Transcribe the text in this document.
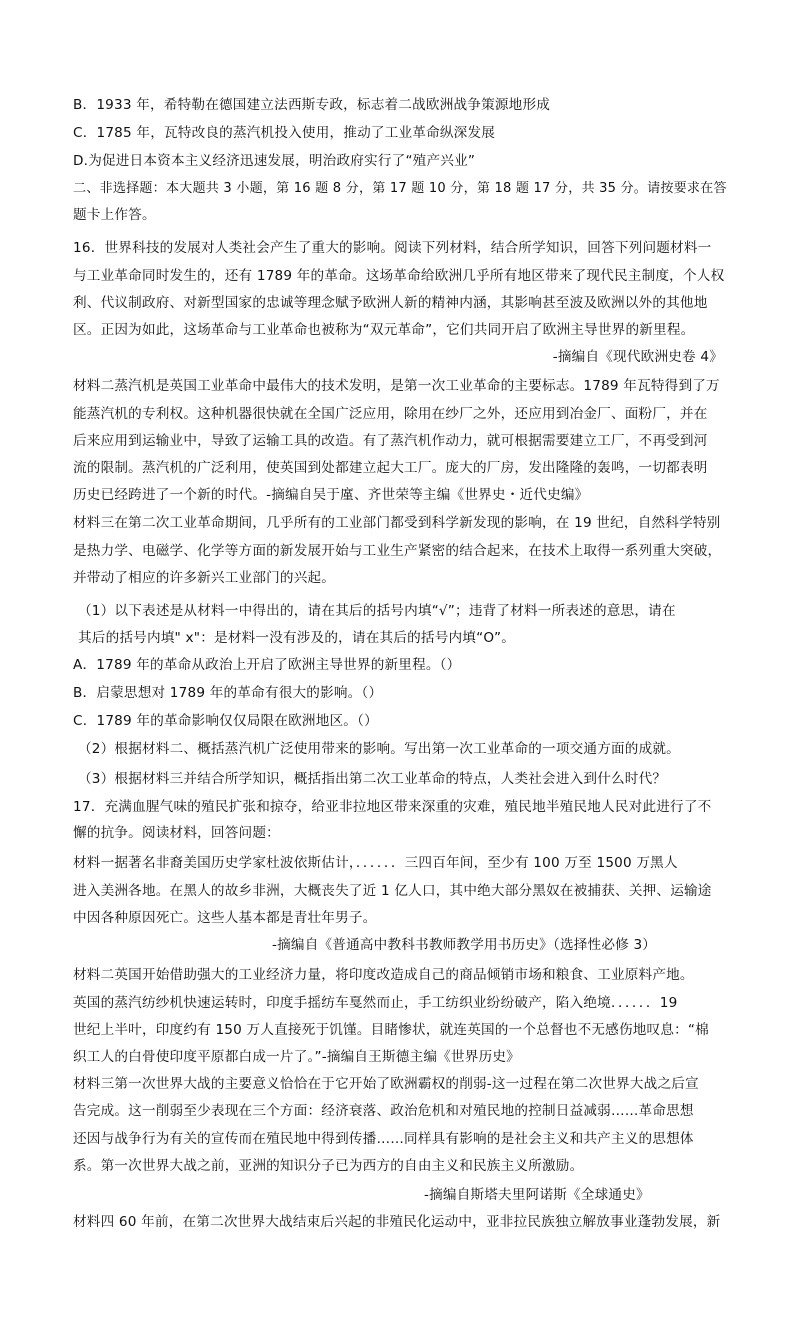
B．1933 年，希特勒在德国建立法西斯专政，标志着二战欧洲战争策源地形成
C．1785 年，瓦特改良的蒸汽机投入使用，推动了工业革命纵深发展
D.为促进日本资本主义经济迅速发展，明治政府实行了“殖产兴业”
二、非选择题：本大题共 3 小题，第 16 题 8 分，第 17 题 10 分，第 18 题 17 分，共 35 分。请按要求在答
题卡上作答。
16．世界科技的发展对人类社会产生了重大的影响。阅读下列材料，结合所学知识，回答下列问题材料一
与工业革命同时发生的，还有 1789 年的革命。这场革命给欧洲几乎所有地区带来了现代民主制度，个人权
利、代议制政府、对新型国家的忠诚等理念赋予欧洲人新的精神内涵，其影响甚至波及欧洲以外的其他地
区。正因为如此，这场革命与工业革命也被称为“双元革命”，它们共同开启了欧洲主导世界的新里程。
-摘编自《现代欧洲史卷 4》
材料二蒸汽机是英国工业革命中最伟大的技术发明，是第一次工业革命的主要标志。1789 年瓦特得到了万
能蒸汽机的专利权。这种机器很快就在全国广泛应用，除用在纱厂之外，还应用到冶金厂、面粉厂，并在
后来应用到运输业中，导致了运输工具的改造。有了蒸汽机作动力，就可根据需要建立工厂，不再受到河
流的限制。蒸汽机的广泛利用，使英国到处都建立起大工厂。庞大的厂房，发出隆隆的轰鸣，一切都表明
历史已经跨进了一个新的时代。-摘编自吴于廑、齐世荣等主编《世界史・近代史编》
材料三在第二次工业革命期间，几乎所有的工业部门都受到科学新发现的影响，在 19 世纪，自然科学特别
是热力学、电磁学、化学等方面的新发展开始与工业生产紧密的结合起来，在技术上取得一系列重大突破，
并带动了相应的许多新兴工业部门的兴起。
（1）以下表述是从材料一中得出的，请在其后的括号内填“√”；违背了材料一所表述的意思，请在
其后的括号内填" x"：是材料一没有涉及的，请在其后的括号内填“O”。
A．1789 年的革命从政治上开启了欧洲主导世界的新里程。（）
B．启蒙思想对 1789 年的革命有很大的影响。（）
C．1789 年的革命影响仅仅局限在欧洲地区。（）
（2）根据材料二、概括蒸汽机广泛使用带来的影响。写出第一次工业革命的一项交通方面的成就。
（3）根据材料三并结合所学知识，概括指出第二次工业革命的特点，人类社会进入到什么时代？
17．充满血腥气味的殖民扩张和掠夺，给亚非拉地区带来深重的灾难，殖民地半殖民地人民对此进行了不
懈的抗争。阅读材料，回答问题：
材料一据著名非裔美国历史学家杜波依斯估计，．．．．．．三四百年间，至少有 100 万至 1500 万黑人
进入美洲各地。在黑人的故乡非洲，大概丧失了近 1 亿人口，其中绝大部分黑奴在被捕获、关押、运输途
中因各种原因死亡。这些人基本都是青壮年男子。
-摘编自《普通高中教科书教师教学用书历史》（选择性必修 3）
材料二英国开始借助强大的工业经济力量，将印度改造成自己的商品倾销市场和粮食、工业原料产地。
英国的蒸汽纺纱机快速运转时，印度手摇纺车戛然而止，手工纺织业纷纷破产，陷入绝境．．．．．．19
世纪上半叶，印度约有 150 万人直接死于饥馑。目睹惨状，就连英国的一个总督也不无感伤地叹息：“棉
织工人的白骨使印度平原都白成一片了。”-摘编自王斯德主编《世界历史》
材料三第一次世界大战的主要意义恰恰在于它开始了欧洲霸权的削弱-这一过程在第二次世界大战之后宣
告完成。这一削弱至少表现在三个方面：经济衰落、政治危机和对殖民地的控制日益减弱……革命思想
还因与战争行为有关的宣传而在殖民地中得到传播……同样具有影响的是社会主义和共产主义的思想体
系。第一次世界大战之前，亚洲的知识分子已为西方的自由主义和民族主义所激励。
-摘编自斯塔夫里阿诺斯《全球通史》
材料四 60 年前，在第二次世界大战结束后兴起的非殖民化运动中，亚非拉民族独立解放事业蓬勃发展，新
